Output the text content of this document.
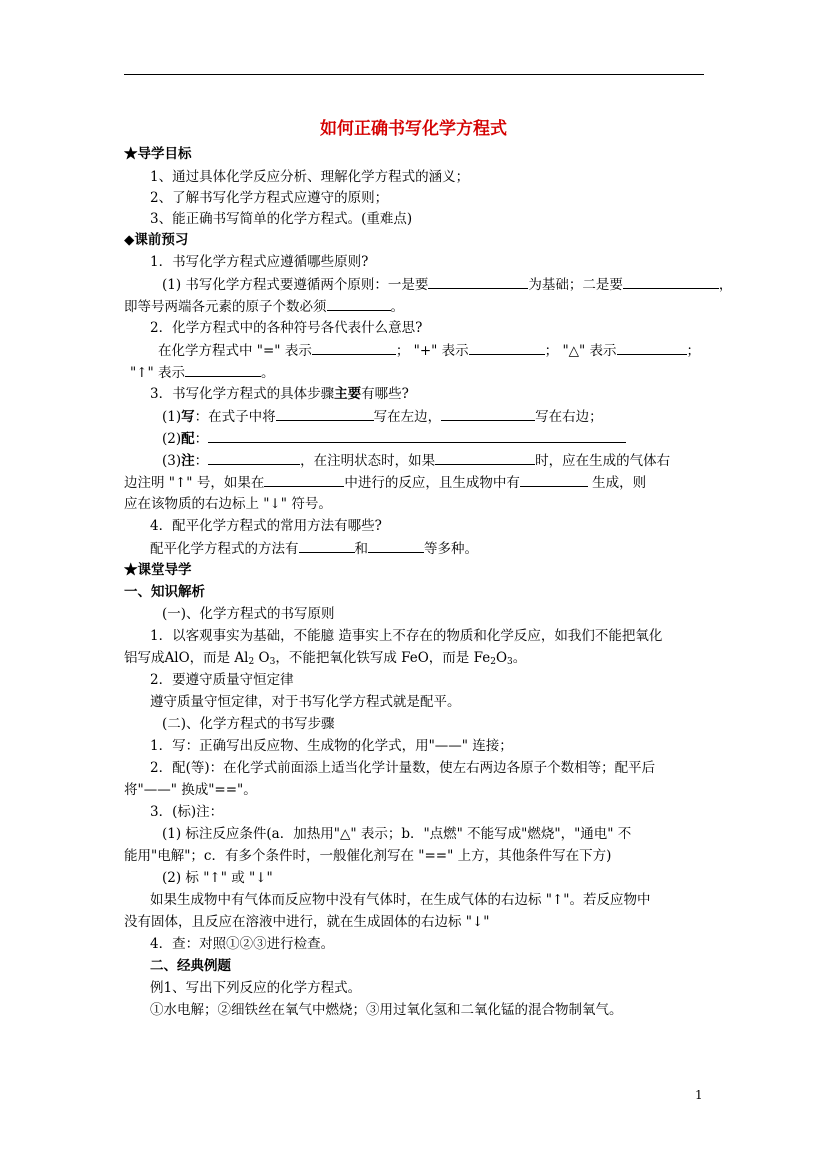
如何正确书写化学方程式
★导学目标
1、通过具体化学反应分析、理解化学方程式的涵义；
2、了解书写化学方程式应遵守的原则；
3、能正确书写简单的化学方程式。(重难点)
◆课前预习
1．书写化学方程式应遵循哪些原则?
(1) 书写化学方程式要遵循两个原则：一是要	为基础；二是要	，
即等号两端各元素的原子个数必须	。
2．化学方程式中的各种符号各代表什么意思?
在化学方程式中 "=" 表示	； "+" 表示	； "△" 表示	；
"↑" 表示	。
3．书写化学方程式的具体步骤主要有哪些?
(1)写：在式子中将	写在左边，	写在右边；
(2)配：
(3)注：	，在注明状态时，如果	时，应在生成的气体右
边注明 "↑" 号，如果在	中进行的反应，且生成物中有	生成，则
应在该物质的右边标上 "↓" 符号。
4．配平化学方程式的常用方法有哪些?
配平化学方程式的方法有	和	等多种。
★课堂导学
一、知识解析
(一)、化学方程式的书写原则
1．以客观事实为基础，不能臆 造事实上不存在的物质和化学反应，如我们不能把氧化
铝写成AlO，而是 $Al_2$ $O_3$，不能把氧化铁写成 FeO，而是 $Fe_2O_3$。
2．要遵守质量守恒定律
遵守质量守恒定律，对于书写化学方程式就是配平。
(二)、化学方程式的书写步骤
1．写：正确写出反应物、生成物的化学式，用"——" 连接；
2．配(等)：在化学式前面添上适当化学计量数，使左右两边各原子个数相等；配平后
将"——" 换成"=="。
3．(标)注：
(1) 标注反应条件(a．加热用"△" 表示；b．"点燃" 不能写成"燃烧"，"通电" 不
能用"电解"；c．有多个条件时，一般催化剂写在 "==" 上方，其他条件写在下方)
(2) 标 "↑" 或 "↓"
如果生成物中有气体而反应物中没有气体时，在生成气体的右边标 "↑"。若反应物中
没有固体，且反应在溶液中进行，就在生成固体的右边标 "↓"
4．查：对照①②③进行检查。
二、经典例题
例1、写出下列反应的化学方程式。
①水电解；②细铁丝在氧气中燃烧；③用过氧化氢和二氧化锰的混合物制氧气。
1
